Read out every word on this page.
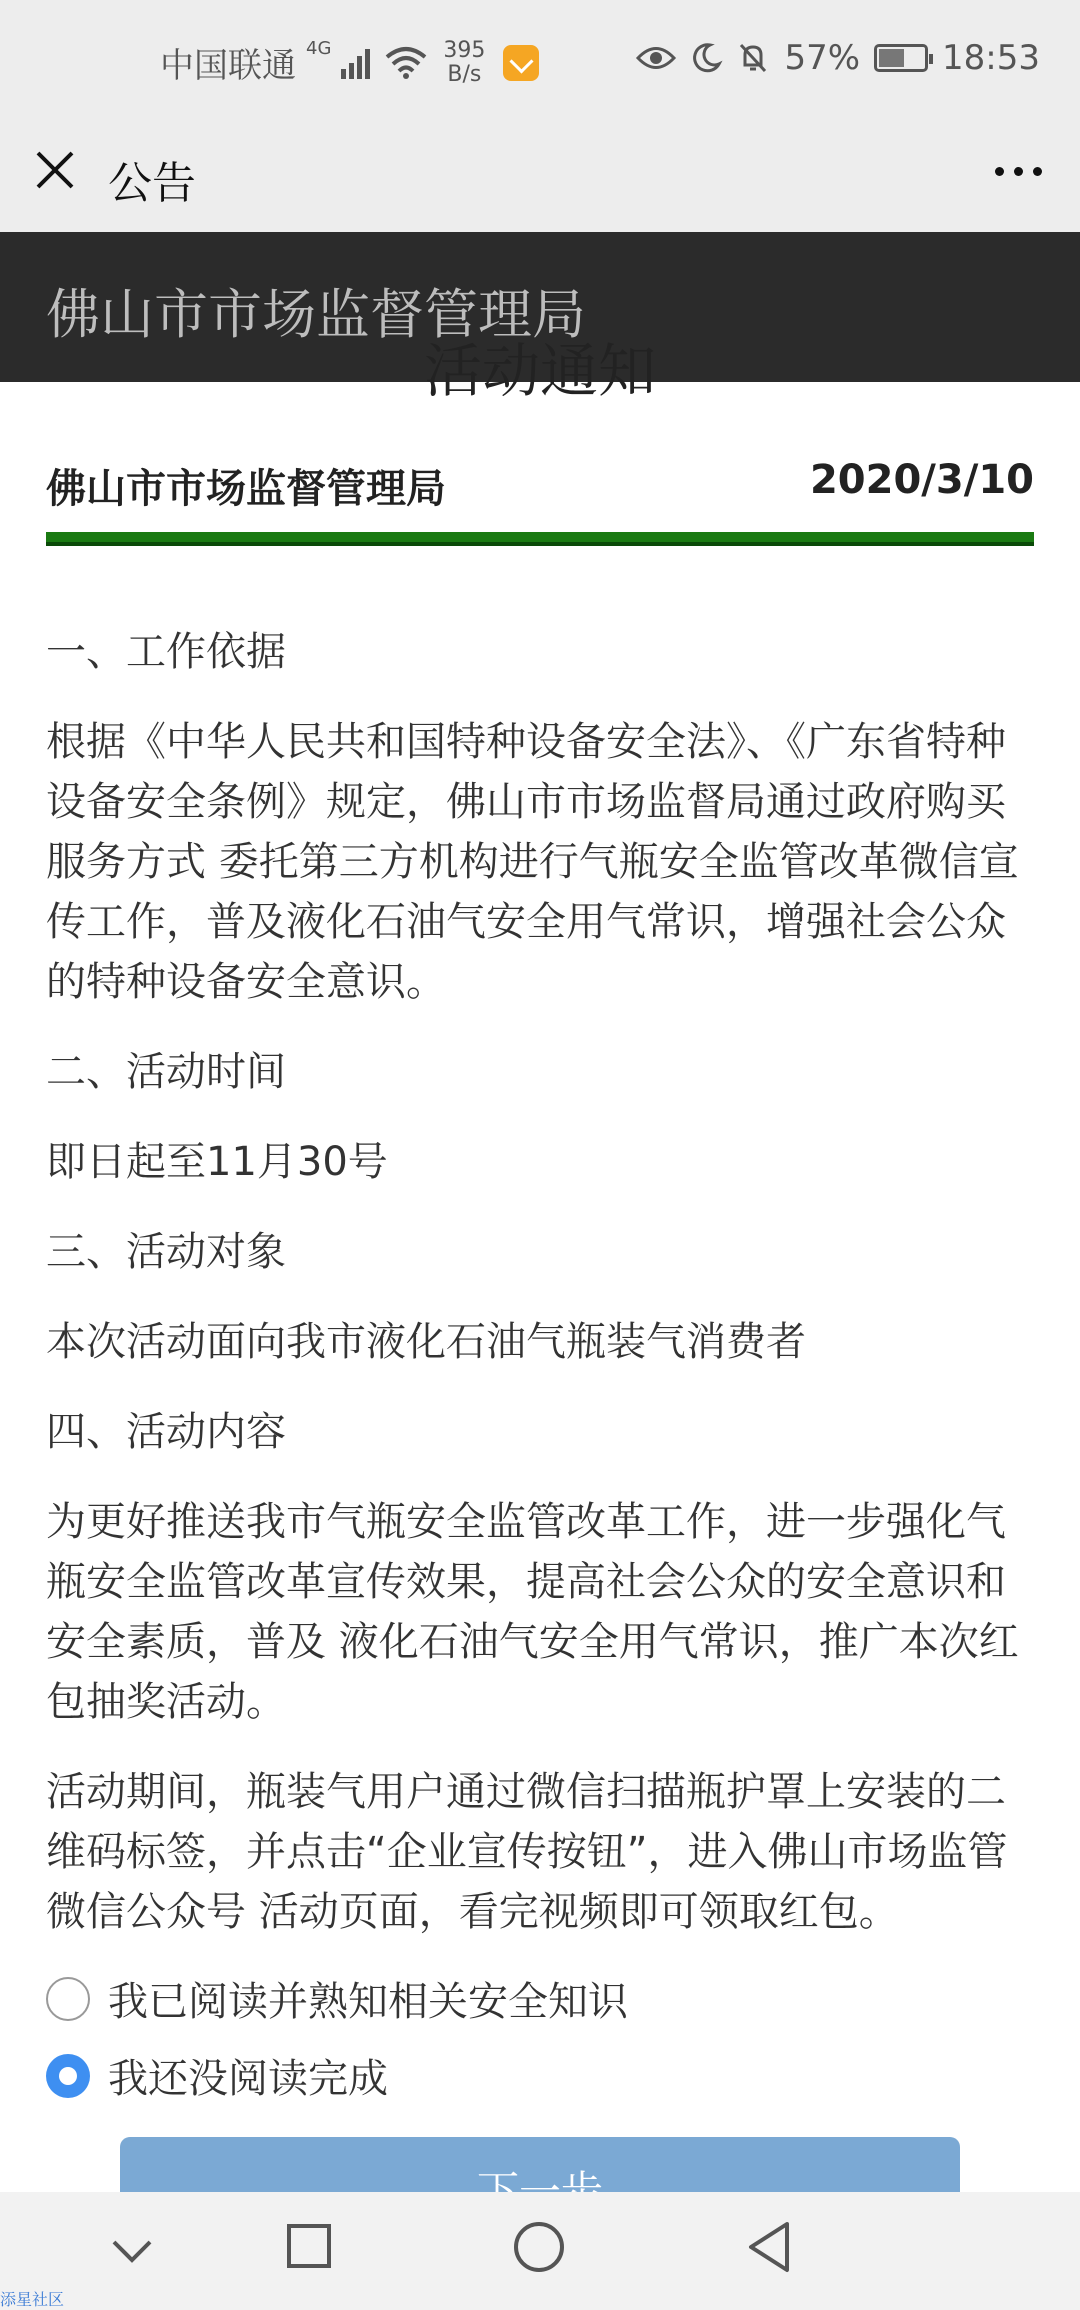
中国联通 4G	395
B/s	57% 18:53
公告
佛山市市场监督管理局
活动通知
佛山市市场监督管理局	2020/3/10
一、工作依据
根据《中华人民共和国特种设备安全法》、《广东省特种设备安全条例》规定，佛山市市场监督局通过政府购买服务方式 委托第三方机构进行气瓶安全监管改革微信宣传工作，普及液化石油气安全用气常识，增强社会公众的特种设备安全意识。
二、活动时间
即日起至11月30号
三、活动对象
本次活动面向我市液化石油气瓶装气消费者
四、活动内容
为更好推送我市气瓶安全监管改革工作，进一步强化气瓶安全监管改革宣传效果，提高社会公众的安全意识和安全素质，普及 液化石油气安全用气常识，推广本次红包抽奖活动。
活动期间，瓶装气用户通过微信扫描瓶护罩上安装的二维码标签，并点击“企业宣传按钮”，进入佛山市场监管微信公众号 活动页面，看完视频即可领取红包。
我已阅读并熟知相关安全知识
我还没阅读完成
添星社区
